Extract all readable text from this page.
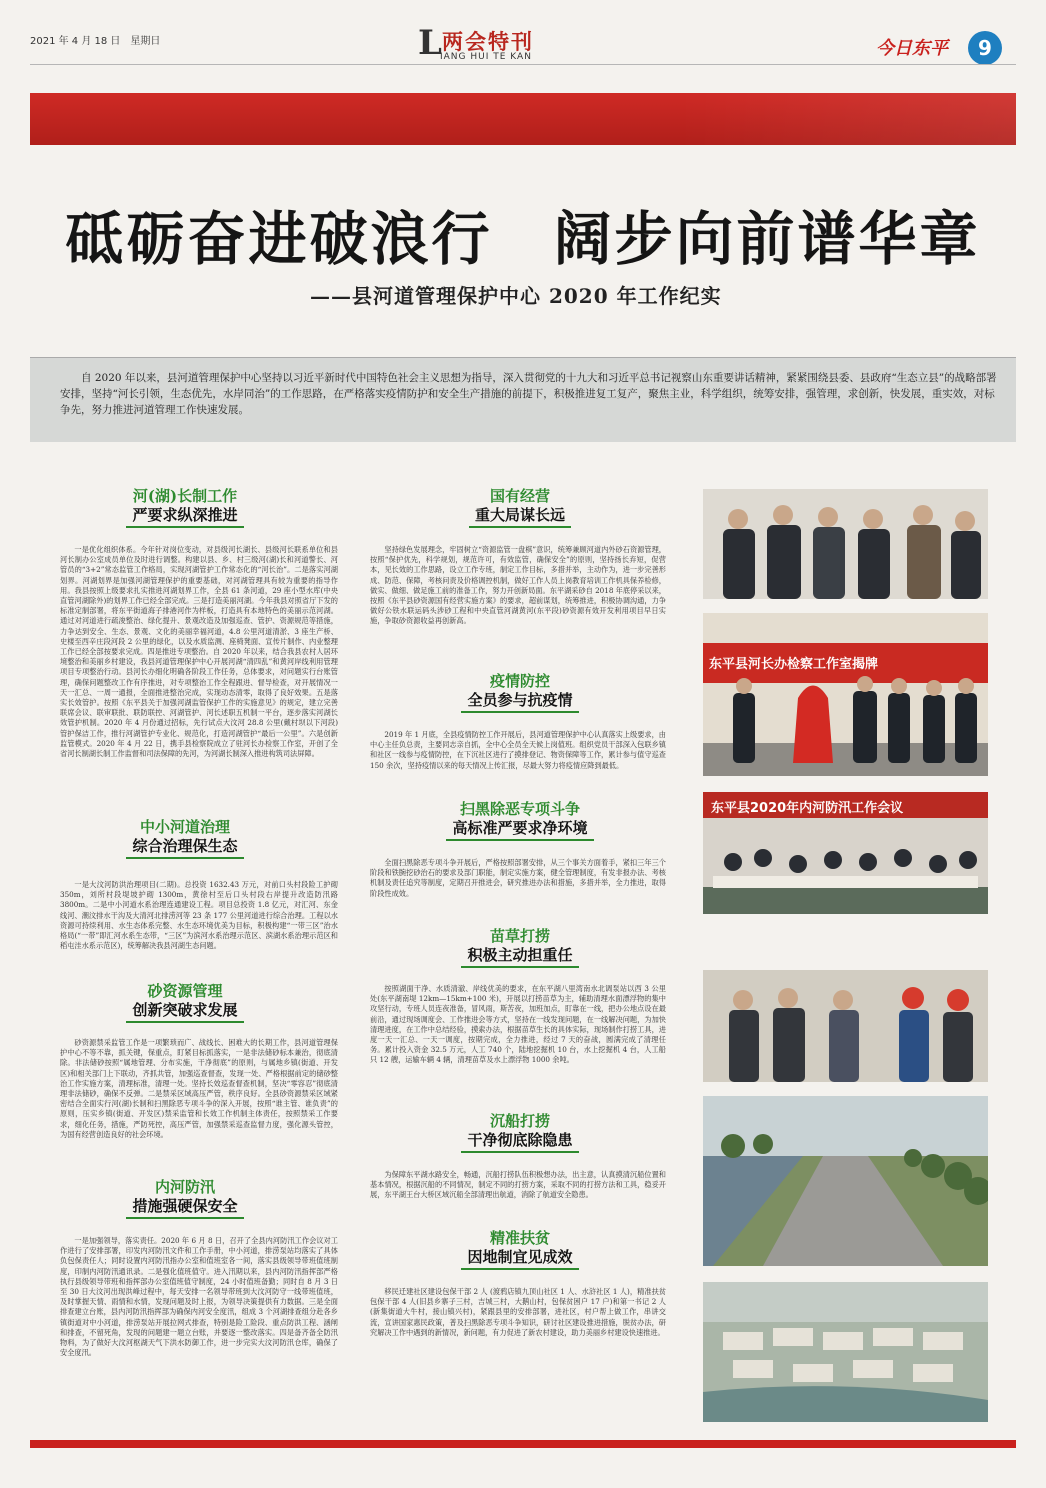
2021 年 4 月 18 日　星期日	L 两会特刊
IANG HUI TE KAN	今日东平	9
砥砺奋进破浪行　阔步向前谱华章
——县河道管理保护中心 2020 年工作纪实
自 2020 年以来，县河道管理保护中心坚持以习近平新时代中国特色社会主义思想为指导，深入贯彻党的十九大和习近平总书记视察山东重要讲话精神，紧紧围绕县委、县政府“生态立县”的战略部署安排，坚持“河长引领，生态优先，水岸同治”的工作思路，在严格落实疫情防护和安全生产措施的前提下，积极推进复工复产，聚焦主业，科学组织，统筹安排，强管理，求创新，快发展，重实效，对标争先，努力推进河道管理工作快速发展。
河(湖)长制工作
严要求纵深推进
一是优化组织体系。今年针对岗位变动，对县级河长湖长、县级河长联系单位和县河长制办公室成员单位及时进行调整。构建以县、乡、村三级河(湖)长和河道警长、河管员的“3+2”常态监管工作格局，实现河湖管护工作常态化的“河长治”。二是落实河湖划界。河湖划界是加强河湖管理保护的重要基础，对河湖管理具有较为重要的指导作用。我县按照上级要求扎实推进河湖划界工作，全县 61 条河道，29 座小型水库(中央直管河湖除外)的划界工作已经全部完成。三是打造美丽河湖。今年我县对照省厅下发的标准定制部署，将东平街道海子排港河作为样板，打造具有本地特色的美丽示范河湖。通过对河道进行疏浚整治、绿化提升、景观改造及加强巡查、管护、资源规范等措施，力争达到安全、生态、景观、文化的美丽幸福河道，4.8 公里河道清淤、3 座生产桥、史楼至西辛庄段河段 2 公里的绿化，以及水质监测、座椅凳面、宣传片制作、内业整理工作已经全部按要求完成。四是推进专项整治。自 2020 年以来，结合我县农村人居环境整治和美丽乡村建设，我县河道管理保护中心开展河湖“清四乱”和黄河岸线利用管理项目专项整治行动。县河长办细化明确各阶段工作任务，总体要求，对问题实行台账管理，确保问题整改工作有序推进，对专项整治工作全程跟进、督导检查，对开展情况一天一汇总、一周一通报，全面推进整治完成，实现动态清零，取得了良好效果。五是落实长效管护。按照《东平县关于加强河湖监管保护工作的实施意见》的规定，建立完善联席会议、联审联批、联防联控、河湖管护、河长述职五机制一平台，逐步落实河湖长效管护机制。2020 年 4 月份通过招标，先行试点大汶河 28.8 公里(戴村坝以下河段)管护保洁工作，推行河湖管护专业化、规范化，打造河湖管护“最后一公里”。六是创新监管模式。2020 年 4 月 22 日，携手县检察院成立了驻河长办检察工作室，开创了全省河长制湖长制工作监督和司法保障的先河，为河湖长制深入推进构筑司法屏障。
中小河道治理
综合治理保生态
一是大汶河防洪治理项目(二期)。总投资 1632.43 万元，对前口头村段险工护砌 350m，刘所村段堤坡护砌 1300m，黄徐村至后口头村段右岸提升改造防汛路 3800m。二是中小河道水系治理连通建设工程。项目总投资 1.8 亿元，对汇河、东金线河、潮汶排水干沟及大清河北排涝河等 23 条 177 公里河道进行综合治理。工程以水资源可持续利用、水生态体系完整、水生态环境优美为目标，积极构建“一带三区”治水格局(“一带”即汇河水系生态带，“三区”为滨河水系治理示范区、滨湖水系治理示范区和稻屯洼水系示范区)，统筹解决我县河湖生态问题。
砂资源管理
创新突破求发展
砂资源禁采监管工作是一项繁琐而广、战线长、困难大的长期工作，县河道管理保护中心不等不靠，抓关键，保重点，盯紧目标抓落实，一是非法储砂标本兼治，彻底清除。非法储砂按照“属地管理、分布实施，干净彻底”的原则，与属地乡镇(街道、开发区)和相关部门上下联动，齐抓共管，加强巡查督查，发现一处、严格根据前定的储砂整治工作实施方案，清理标准，清理一处。坚持长效巡查督查机制，坚决“零容忍”彻底清理非法储砂，确保不反弹。二是禁采区域高压严管，秩序良好。全县砂资源禁采区域紧密结合全面实行河(湖)长制和扫黑除恶专项斗争的深入开展，按照“谁主管、谁负责”的原则，压实乡镇(街道、开发区)禁采监管和长效工作机制主体责任，按照禁采工作要求，细化任务，措施，严防死控，高压严管，加强禁采巡查监督力度，强化源头管控，为国有经营创造良好的社会环境。
内河防汛
措施强硬保安全
一是加强领导，落实责任。2020 年 6 月 8 日，召开了全县内河防汛工作会议对工作进行了安排部署，印发内河防汛文件和工作手册，中小河道，排涝泵站均落实了具体负包保责任人；同时设置内河防汛指办公室和值班室各一间，落实县级领导带班值班制度，印制内河防汛通讯录。二是强化值班值守。进入汛期以来，县内河防汛指挥部严格执行县级领导带班和指挥部办公室值班值守制度，24 小时值班备勤；同时自 8 月 3 日至 30 日大汶河出现洪峰过程中，每天安排一名领导带班到大汶河防守一线带班值班，及时掌握天情、雨情和水情，发现问题及时上报，为领导决策提供有力数据。三是全面排查建立台账，县内河防汛指挥部为确保内河安全度汛，组成 3 个河湖排查组分赴各乡镇街道对中小河道，排涝泵站开展拉网式排查，特别是险工险段、重点防洪工程、涵闸和排查，不留死角，发现的问题建一题立台账，并要逐一整改落实。四是备齐备全防汛物料，为了做好大汶河枢湖天气下洪水防御工作，进一步完实大汶河防汛仓库，确保了安全度汛。
国有经营
重大局谋长远
坚持绿色发展理念，牢固树立“资源监管一盘棋”意识，统筹兼顾河道内外砂石资源管理，按照“保护优先，科学规划，规范许可，有效监管，确保安全”的原则，坚持扬长弃短，促营本，见长效的工作思路，设立工作专班，制定工作目标，多措并举，主动作为，进一步完善形成、防范、保障，考核问责及价格调控机制，做好工作人员上岗教育培训工作机具保养检修，做实、做细、做足施工前的准备工作，努力开创新局面。东平湖采砂自 2018 年底停采以来，按照《东平县砂资源国有经营实施方案》的要求，超前谋划，统筹推进，积极协调沟通，力争做好公铁水联运码头涉砂工程和中央直管河湖黄河(东平段)砂资源有效开发利用项目早日实施，争取砂资源收益再创新高。
疫情防控
全员参与抗疫情
2019 年 1 月底，全县疫情防控工作开展后，县河道管理保护中心认真落实上级要求，由中心主任负总责，主要同志亲自抓，全中心全员全天候上岗值班。组织党员干部深入包联乡镇和社区一线参与疫情防控，在下沉社区进行了摸排登记、物资保障等工作，累计参与值守巡查 150 余次，坚持疫情以来的每天情况上传汇报，尽最大努力将疫情应降到最低。
扫黑除恶专项斗争
高标准严要求净环境
全面扫黑除恶专项斗争开展后，严格按照部署安排，从三个事关方面着手，紧扣三年三个阶段和铁腕挖砂治石的要求及部门职能，制定实施方案，健全管理制度，有发非报办法、考核机制及责任追究等制度，定期召开推进会，研究推进办法和措施，多措并举，全力推进，取得阶段性成效。
苗草打捞
积极主动担重任
按照湖面干净、水质清澈、岸线优美的要求，在东平湖八里湾南水北调泵站以西 3 公里处(东平湖南堤 12km—15km+100 米)，开展以打捞苗草为主，辅助清理水面漂浮物的集中攻坚行动，专班人员连夜准备，冒风雨，斯苦夜，加班加点，盯靠在一线，把办公地点设在最前沿，通过现场调度会、工作推进会等方式，坚持在一线发现问题，在一线解决问题，为加快清理进度，在工作中总结经验，摸索办法，根据苗草生长的具体实际，现场制作打捞工具，进度一天一汇总、一天一调度，按期完成，全力推进，经过 7 天的奋战，圆满完成了清理任务。累计投入资金 32.5 万元，人工 740 个，陆地挖掘机 10 台，水上挖掘机 4 台，人工船只 12 艘，运输车辆 4 辆，清理苗草及水上漂浮物 1000 余吨。
沉船打捞
干净彻底除隐患
为保障东平湖水路安全，畅通，沉船打捞队伍积极想办法，出主意，认真摸清沉船位置和基本情况，根据沉船的不同情况，制定不同的打捞方案，采取不同的打捞方法和工具，稳妥开展，东平湖王台大桥区域沉船全部清理出航道，消除了航道安全隐患。
精准扶贫
因地制宜见成效
移民迁建社区建设包保干部 2 人 (渡鸦店镇九顶山社区 1 人、水浒社区 1 人)，精准扶贫包保干部 4 人(旧县乡寨子三村，吉城三村，大鹅山村，包保贫困户 17 户)和第一书记 2 人(新集街道大牛村，接山镇兴村)，紧跟县里的安排部署，进社区，村户帮上做工作，串讲交流，宣讲国家惠民政策，普及扫黑除恶专项斗争知识，研讨社区建设推进措施，脱贫办法，研究解决工作中遇到的新情况，新问题，有力促进了新农村建设，助力美丽乡村建设快速推进。
东平县河长办检察工作室揭牌
东平县2020年内河防汛工作会议
